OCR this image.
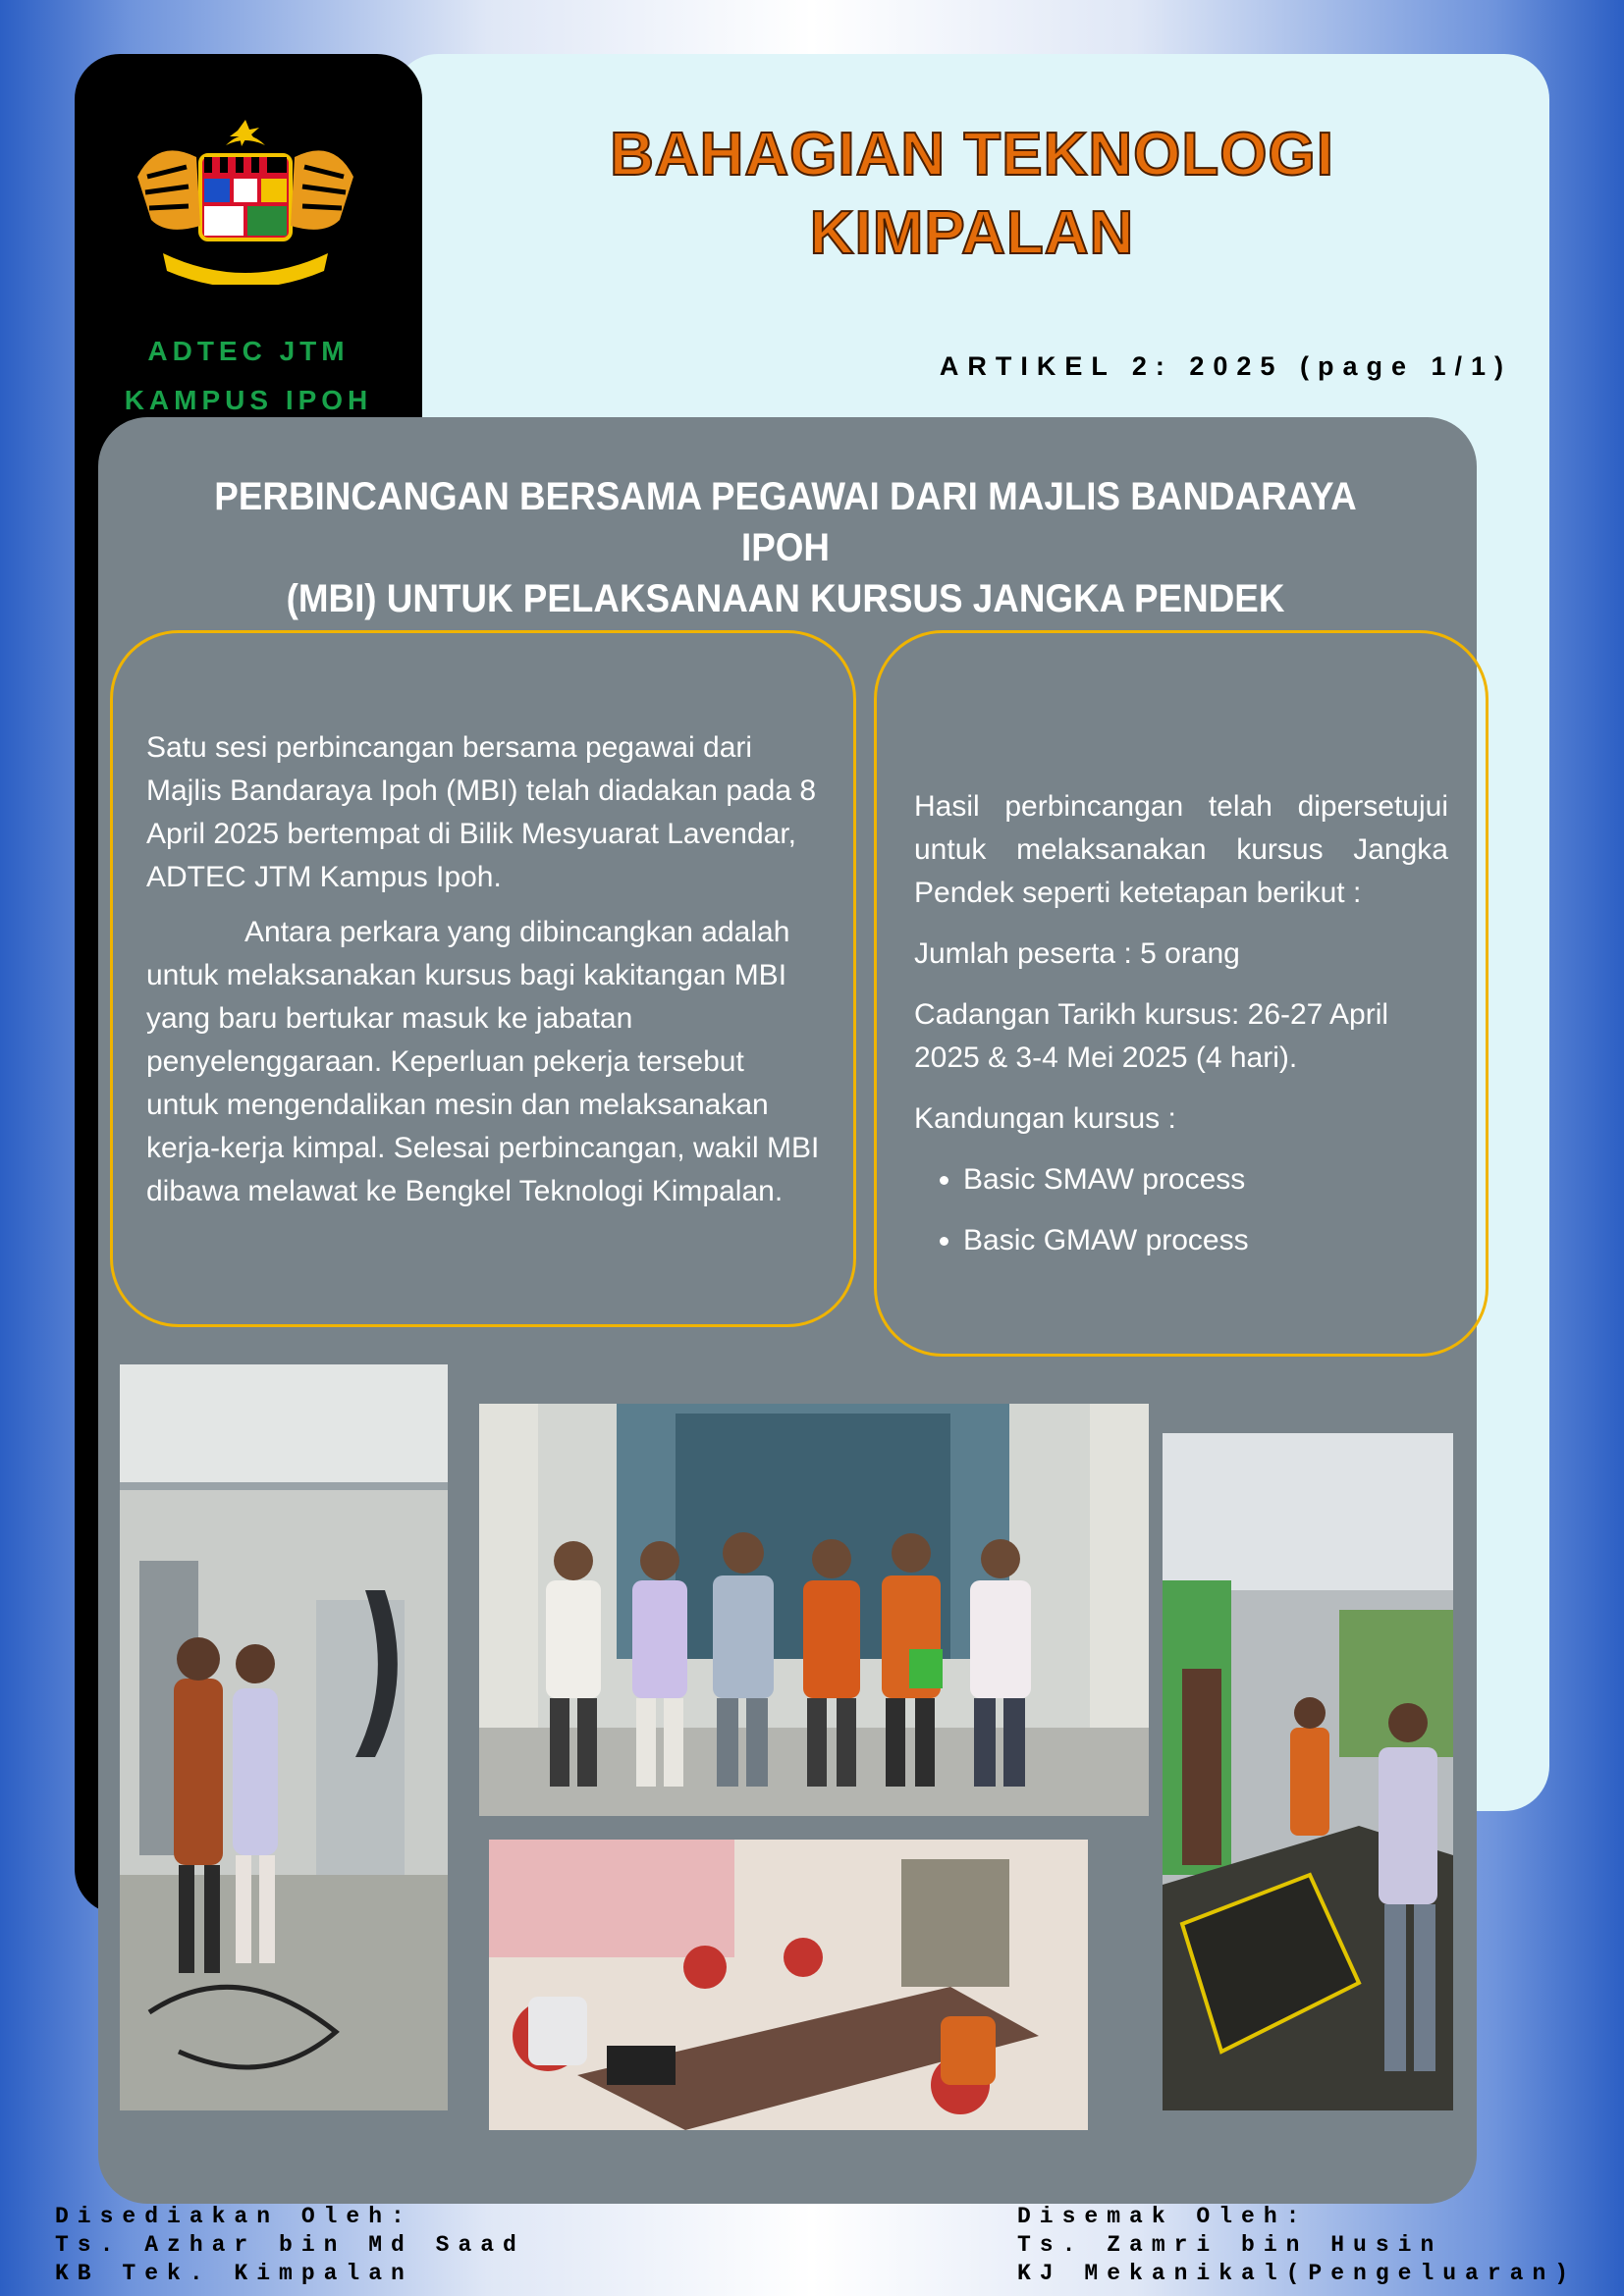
ADTEC JTM
KAMPUS IPOH
BAHAGIAN TEKNOLOGI
KIMPALAN
ARTIKEL 2: 2025 (page 1/1)
PERBINCANGAN BERSAMA PEGAWAI DARI MAJLIS BANDARAYA IPOH
(MBI) UNTUK PELAKSANAAN KURSUS JANGKA PENDEK

Satu sesi perbincangan bersama pegawai dari Majlis Bandaraya Ipoh (MBI) telah diadakan pada 8 April 2025 bertempat di Bilik Mesyuarat Lavendar, ADTEC JTM Kampus Ipoh.

Antara perkara yang dibincangkan adalah untuk melaksanakan kursus bagi kakitangan MBI yang baru bertukar masuk ke jabatan penyelenggaraan. Keperluan pekerja tersebut untuk mengendalikan mesin dan melaksanakan kerja-kerja kimpal. Selesai perbincangan, wakil MBI dibawa melawat ke Bengkel Teknologi Kimpalan.

Hasil perbincangan telah dipersetujui untuk melaksanakan kursus Jangka Pendek seperti ketetapan berikut :

Jumlah peserta : 5 orang

Cadangan Tarikh kursus: 26-27 April 2025 & 3-4 Mei 2025 (4 hari).

Kandungan kursus :

• Basic SMAW process
• Basic GMAW process
Disediakan Oleh:
Ts. Azhar bin Md Saad
KB Tek. Kimpalan
Disemak Oleh:
Ts. Zamri bin Husin
KJ Mekanikal(Pengeluaran)
